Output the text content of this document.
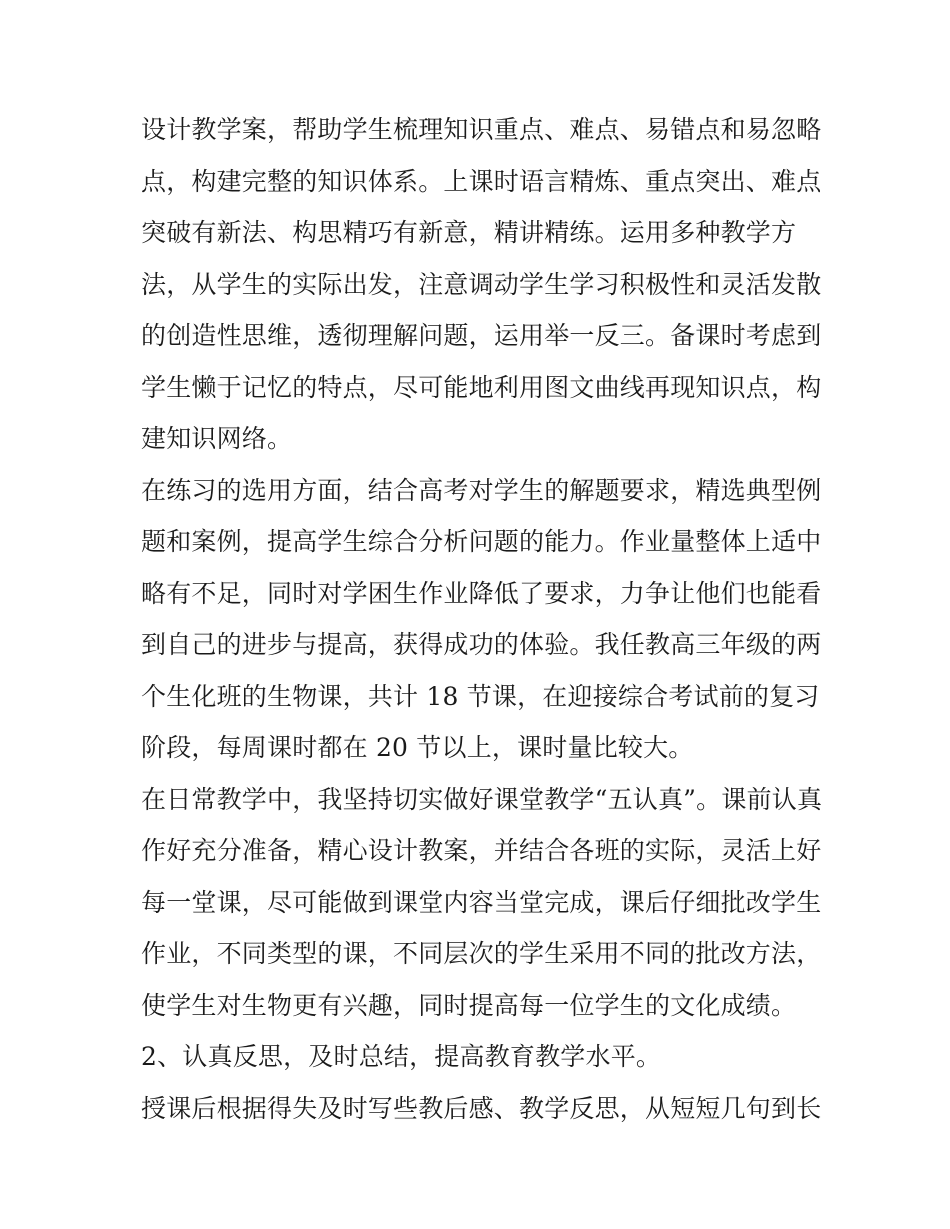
设计教学案，帮助学生梳理知识重点、难点、易错点和易忽略
点，构建完整的知识体系。上课时语言精炼、重点突出、难点
突破有新法、构思精巧有新意，精讲精练。运用多种教学方
法，从学生的实际出发，注意调动学生学习积极性和灵活发散
的创造性思维，透彻理解问题，运用举一反三。备课时考虑到
学生懒于记忆的特点，尽可能地利用图文曲线再现知识点，构
建知识网络。
在练习的选用方面，结合高考对学生的解题要求，精选典型例
题和案例，提高学生综合分析问题的能力。作业量整体上适中
略有不足，同时对学困生作业降低了要求，力争让他们也能看
到自己的进步与提高，获得成功的体验。我任教高三年级的两
个生化班的生物课，共计 18 节课，在迎接综合考试前的复习
阶段，每周课时都在 20 节以上，课时量比较大。
在日常教学中，我坚持切实做好课堂教学“五认真”。课前认真
作好充分准备，精心设计教案，并结合各班的实际，灵活上好
每一堂课，尽可能做到课堂内容当堂完成，课后仔细批改学生
作业，不同类型的课，不同层次的学生采用不同的批改方法，
使学生对生物更有兴趣，同时提高每一位学生的文化成绩。
2、认真反思，及时总结，提高教育教学水平。
授课后根据得失及时写些教后感、教学反思，从短短几句到长
